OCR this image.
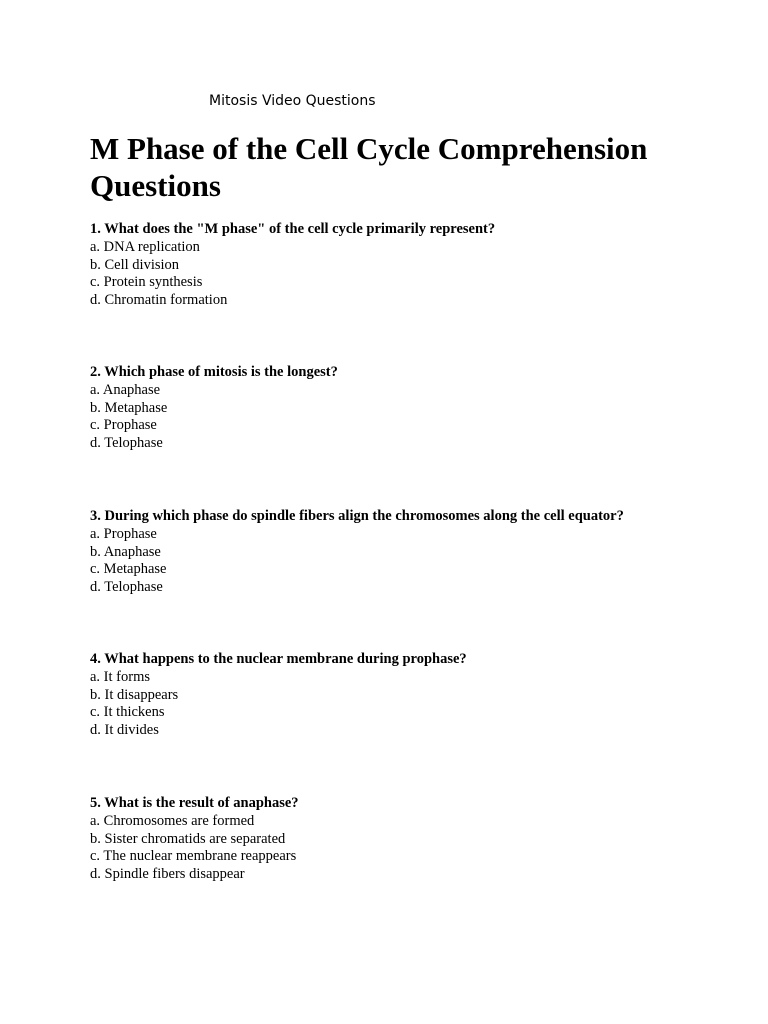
Mitosis Video Questions
M Phase of the Cell Cycle Comprehension Questions
1. What does the "M phase" of the cell cycle primarily represent?
a. DNA replication
b. Cell division
c. Protein synthesis
d. Chromatin formation
2. Which phase of mitosis is the longest?
a. Anaphase
b. Metaphase
c. Prophase
d. Telophase
3. During which phase do spindle fibers align the chromosomes along the cell equator?
a. Prophase
b. Anaphase
c. Metaphase
d. Telophase
4. What happens to the nuclear membrane during prophase?
a. It forms
b. It disappears
c. It thickens
d. It divides
5. What is the result of anaphase?
a. Chromosomes are formed
b. Sister chromatids are separated
c. The nuclear membrane reappears
d. Spindle fibers disappear
